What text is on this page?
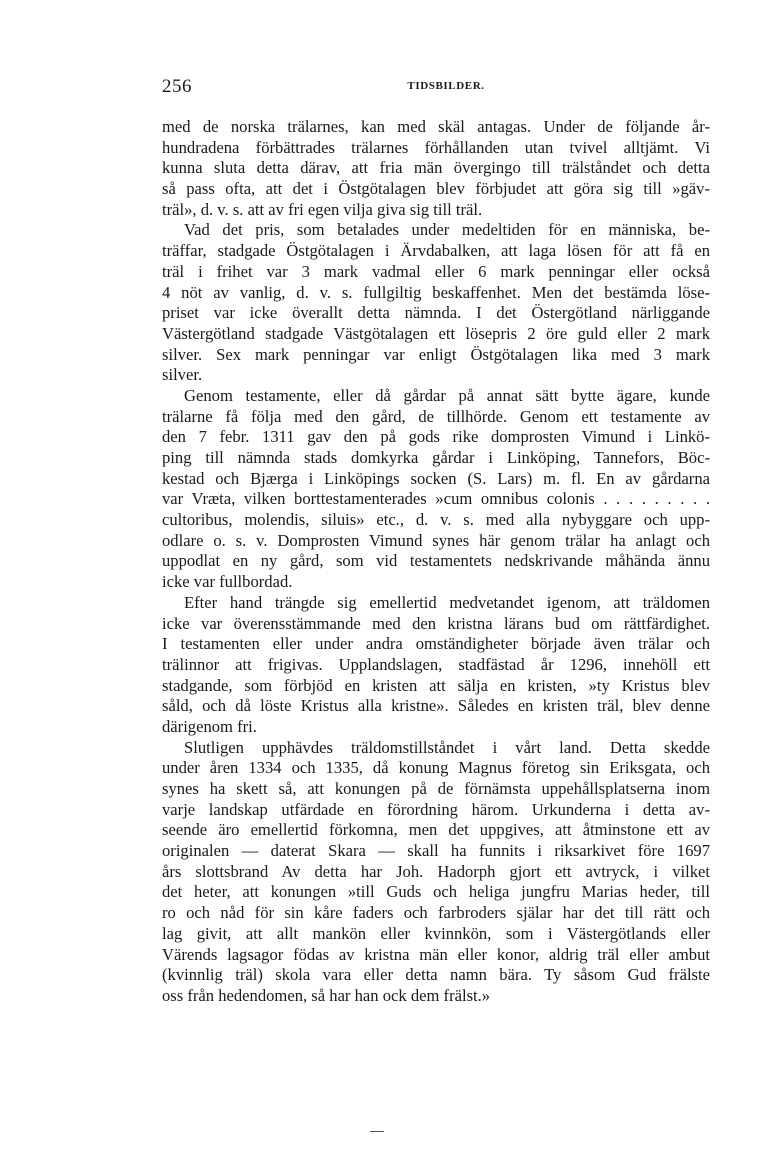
256	TIDSBILDER.
med de norska trälarnes, kan med skäl antagas. Under de följande år-
hundradena förbättrades trälarnes förhållanden utan tvivel alltjämt. Vi
kunna sluta detta därav, att fria män övergingo till trälståndet och detta
så pass ofta, att det i Östgötalagen blev förbjudet att göra sig till »gäv-
träl», d. v. s. att av fri egen vilja giva sig till träl.
Vad det pris, som betalades under medeltiden för en människa, be-
träffar, stadgade Östgötalagen i Ärvdabalken, att laga lösen för att få en
träl i frihet var 3 mark vadmal eller 6 mark penningar eller också
4 nöt av vanlig, d. v. s. fullgiltig beskaffenhet. Men det bestämda löse-
priset var icke överallt detta nämnda. I det Östergötland närliggande
Västergötland stadgade Västgötalagen ett lösepris 2 öre guld eller 2 mark
silver. Sex mark penningar var enligt Östgötalagen lika med 3 mark
silver.
Genom testamente, eller då gårdar på annat sätt bytte ägare, kunde
trälarne få följa med den gård, de tillhörde. Genom ett testamente av
den 7 febr. 1311 gav den på gods rike domprosten Vimund i Linkö-
ping till nämnda stads domkyrka gårdar i Linköping, Tannefors, Böc-
kestad och Bjærga i Linköpings socken (S. Lars) m. fl. En av gårdarna
var Vræta, vilken borttestamenterades »cum omnibus colonis . . . . . . . . .
cultoribus, molendis, siluis» etc., d. v. s. med alla nybyggare och upp-
odlare o. s. v. Domprosten Vimund synes här genom trälar ha anlagt och
uppodlat en ny gård, som vid testamentets nedskrivande måhända ännu
icke var fullbordad.
Efter hand trängde sig emellertid medvetandet igenom, att träldomen
icke var överensstämmande med den kristna lärans bud om rättfärdighet.
I testamenten eller under andra omständigheter började även trälar och
trälinnor att frigivas. Upplandslagen, stadfästad år 1296, innehöll ett
stadgande, som förbjöd en kristen att sälja en kristen, »ty Kristus blev
såld, och då löste Kristus alla kristne». Således en kristen träl, blev denne
därigenom fri.
Slutligen upphävdes träldomstillståndet i vårt land. Detta skedde
under åren 1334 och 1335, då konung Magnus företog sin Eriksgata, och
synes ha skett så, att konungen på de förnämsta uppehållsplatserna inom
varje landskap utfärdade en förordning härom. Urkunderna i detta av-
seende äro emellertid förkomna, men det uppgives, att åtminstone ett av
originalen — daterat Skara — skall ha funnits i riksarkivet före 1697
års slottsbrand Av detta har Joh. Hadorph gjort ett avtryck, i vilket
det heter, att konungen »till Guds och heliga jungfru Marias heder, till
ro och nåd för sin kåre faders och farbroders själar har det till rätt och
lag givit, att allt mankön eller kvinnkön, som i Västergötlands eller
Värends lagsagor födas av kristna män eller konor, aldrig träl eller ambut
(kvinnlig träl) skola vara eller detta namn bära. Ty såsom Gud frälste
oss från hedendomen, så har han ock dem frälst.»
